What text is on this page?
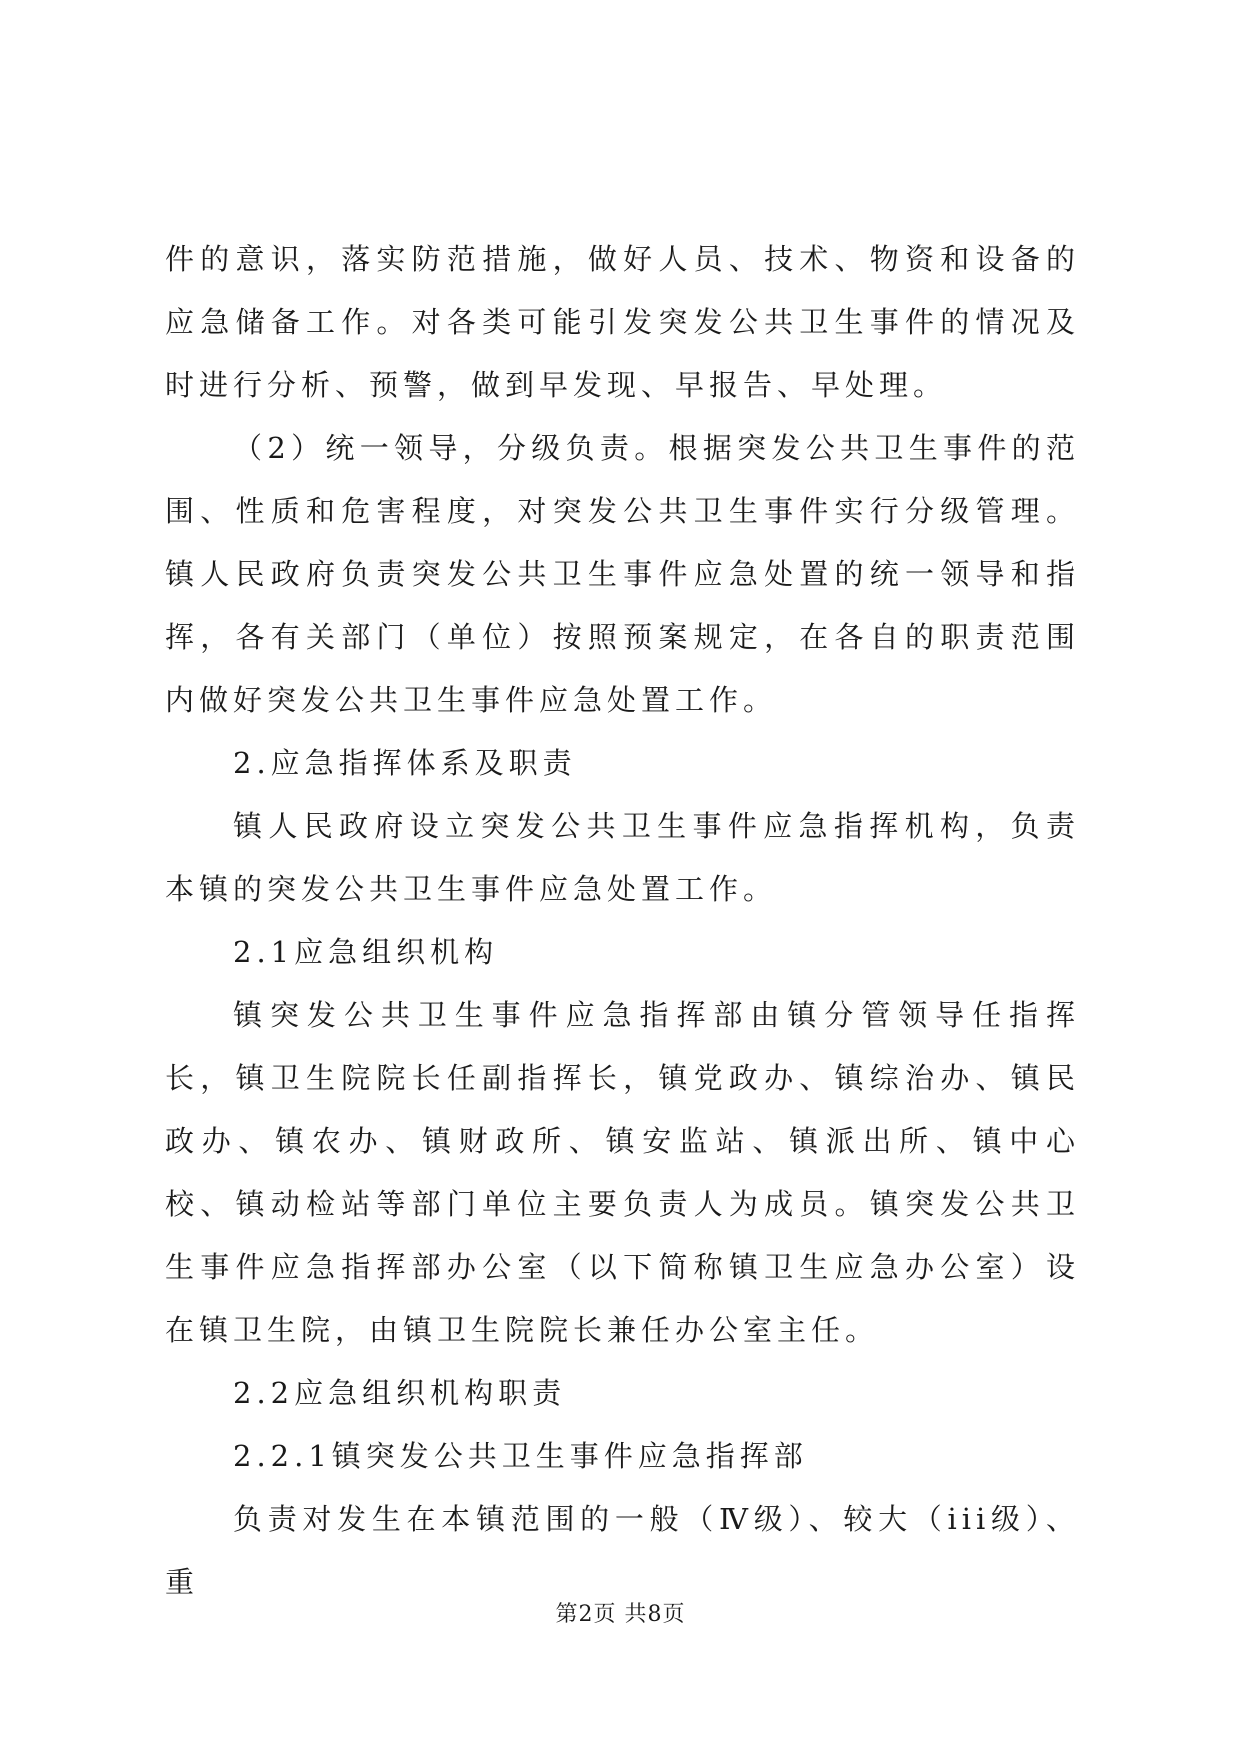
件的意识，落实防范措施，做好人员、技术、物资和设备的应急储备工作。对各类可能引发突发公共卫生事件的情况及时进行分析、预警，做到早发现、早报告、早处理。

（2）统一领导，分级负责。根据突发公共卫生事件的范围、性质和危害程度，对突发公共卫生事件实行分级管理。镇人民政府负责突发公共卫生事件应急处置的统一领导和指挥，各有关部门（单位）按照预案规定，在各自的职责范围内做好突发公共卫生事件应急处置工作。

2.应急指挥体系及职责

镇人民政府设立突发公共卫生事件应急指挥机构，负责本镇的突发公共卫生事件应急处置工作。

2.1应急组织机构

镇突发公共卫生事件应急指挥部由镇分管领导任指挥长，镇卫生院院长任副指挥长，镇党政办、镇综治办、镇民政办、镇农办、镇财政所、镇安监站、镇派出所、镇中心校、镇动检站等部门单位主要负责人为成员。镇突发公共卫生事件应急指挥部办公室（以下简称镇卫生应急办公室）设在镇卫生院，由镇卫生院院长兼任办公室主任。

2.2应急组织机构职责

2.2.1镇突发公共卫生事件应急指挥部

负责对发生在本镇范围的一般（Ⅳ级）、较大（iii级）、重

第2页 共8页
